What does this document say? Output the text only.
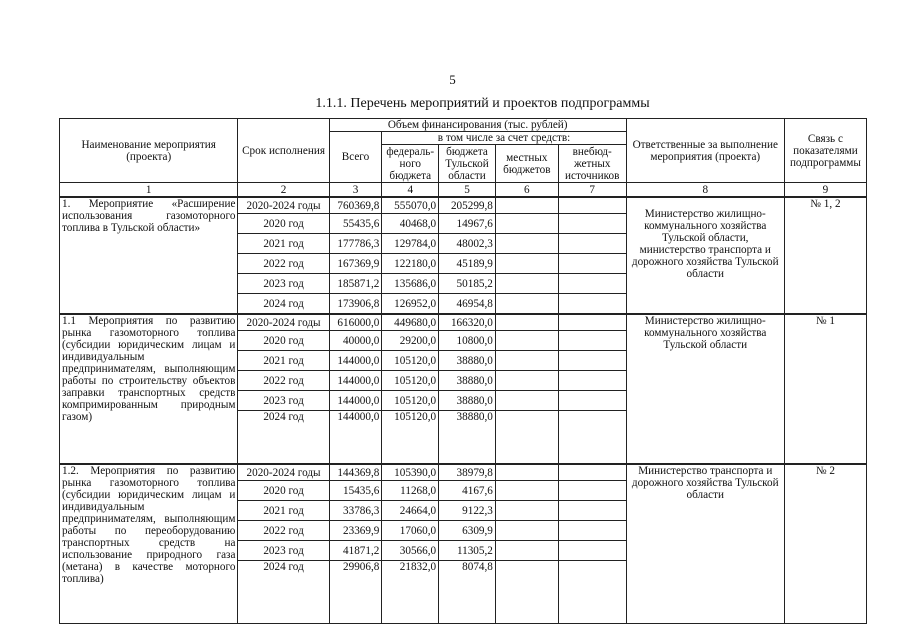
5
1.1.1. Перечень мероприятий и проектов подпрограммы
Наименование мероприятия (проекта)	Срок исполнения	Объем финансирования (тыс. рублей)					Ответственные за выполнение мероприятия (проекта)	Связь с показателями подпрограммы
		Всего	в том числе за счет средств:					
			федераль-ного бюджета	бюджета Тульской области	местных бюджетов	внебюд-жетных источников		
1	2	3	4	5	6	7	8	9
1. Мероприятие «Расширение использования газомоторного топлива в Тульской области»	2020-2024 годы	760369,8	555070,0	205299,8			Министерство жилищно-коммунального хозяйства Тульской области, министерство транспорта и дорожного хозяйства Тульской области	№ 1, 2
	2020 год	55435,6	40468,0	14967,6				
	2021 год	177786,3	129784,0	48002,3				
	2022 год	167369,9	122180,0	45189,9				
	2023 год	185871,2	135686,0	50185,2				
	2024 год	173906,8	126952,0	46954,8				
1.1 Мероприятия по развитию рынка газомоторного топлива (субсидии юридическим лицам и индивидуальным предпринимателям, выполняющим работы по строительству объектов заправки транспортных средств компримированным природным газом)	2020-2024 годы	616000,0	449680,0	166320,0			Министерство жилищно-коммунального хозяйства Тульской области	№ 1
	2020 год	40000,0	29200,0	10800,0				
	2021 год	144000,0	105120,0	38880,0				
	2022 год	144000,0	105120,0	38880,0				
	2023 год	144000,0	105120,0	38880,0				
	2024 год	144000,0	105120,0	38880,0				
1.2. Мероприятия по развитию рынка газомоторного топлива (субсидии юридическим лицам и индивидуальным предпринимателям, выполняющим работы по переоборудованию транспортных средств на использование природного газа (метана) в качестве моторного топлива)	2020-2024 годы	144369,8	105390,0	38979,8			Министерство транспорта и дорожного хозяйства Тульской области	№ 2
	2020 год	15435,6	11268,0	4167,6				
	2021 год	33786,3	24664,0	9122,3				
	2022 год	23369,9	17060,0	6309,9				
	2023 год	41871,2	30566,0	11305,2				
	2024 год	29906,8	21832,0	8074,8				
